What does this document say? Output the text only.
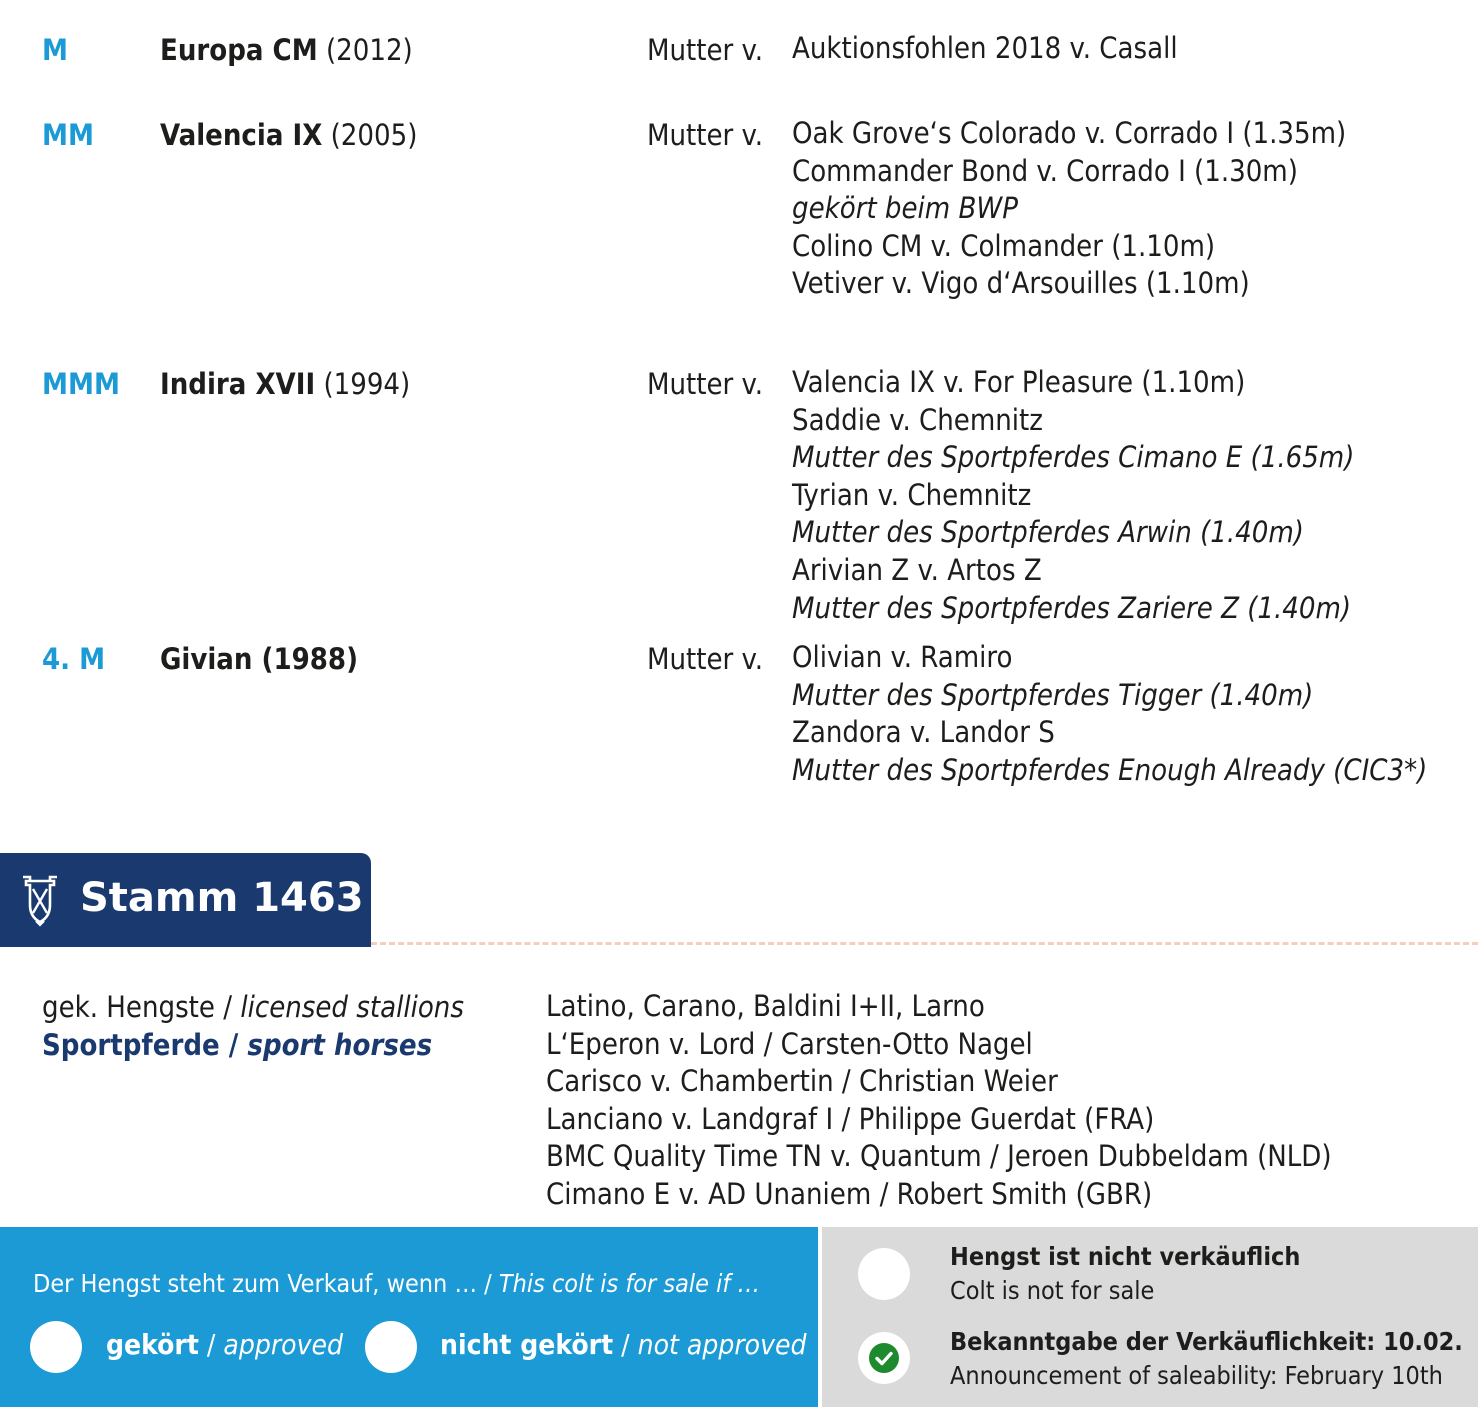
M	Europa CM (2012)	Mutter v. Auktionsfohlen 2018 v. Casall
MM Valencia IX (2005)	Mutter v. Oak Grove‘s Colorado v. Corrado I (1.35m)
Commander Bond v. Corrado I (1.30m)
gekört beim BWP
Colino CM v. Colmander (1.10m)
Vetiver v. Vigo d‘Arsouilles (1.10m)
MMM Indira XVII (1994)	Mutter v. Valencia IX v. For Pleasure (1.10m)
Saddie v. Chemnitz
Mutter des Sportpferdes Cimano E (1.65m)
Tyrian v. Chemnitz
Mutter des Sportpferdes Arwin (1.40m)
Arivian Z v. Artos Z
Mutter des Sportpferdes Zariere Z (1.40m)
4. M Givian (1988)	Mutter v. Olivian v. Ramiro
Mutter des Sportpferdes Tigger (1.40m)
Zandora v. Landor S
Mutter des Sportpferdes Enough Already (CIC3*)
Stamm 1463
gek. Hengste / licensed stallions
Sportpferde / sport horses
Latino, Carano, Baldini I+II, Larno
L‘Eperon v. Lord / Carsten-Otto Nagel
Carisco v. Chambertin / Christian Weier
Lanciano v. Landgraf I / Philippe Guerdat (FRA)
BMC Quality Time TN v. Quantum / Jeroen Dubbeldam (NLD)
Cimano E v. AD Unaniem / Robert Smith (GBR)
Der Hengst steht zum Verkauf, wenn … / This colt is for sale if …
gekört / approved	nicht gekört / not approved
Hengst ist nicht verkäuflich
Colt is not for sale
Bekanntgabe der Verkäuflichkeit: 10.02.
Announcement of saleability: February 10th
